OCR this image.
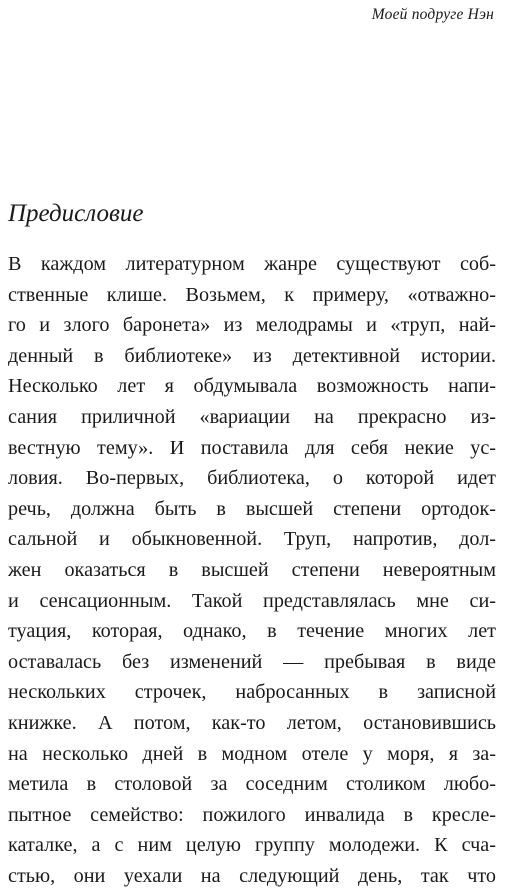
Моей подруге Нэн
Предисловие
В каждом литературном жанре существуют соб-
ственные клише. Возьмем, к примеру, «отважно-
го и злого баронета» из мелодрамы и «труп, най-
денный в библиотеке» из детективной истории.
Несколько лет я обдумывала возможность напи-
сания приличной «вариации на прекрасно из-
вестную тему». И поставила для себя некие ус-
ловия. Во-первых, библиотека, о которой идет
речь, должна быть в высшей степени ортодок-
сальной и обыкновенной. Труп, напротив, дол-
жен оказаться в высшей степени невероятным
и сенсационным. Такой представлялась мне си-
туация, которая, однако, в течение многих лет
оставалась без изменений — пребывая в виде
нескольких строчек, набросанных в записной
книжке. А потом, как-то летом, остановившись
на несколько дней в модном отеле у моря, я за-
метила в столовой за соседним столиком любо-
пытное семейство: пожилого инвалида в кресле-
каталке, а с ним целую группу молодежи. К сча-
стью, они уехали на следующий день, так что
